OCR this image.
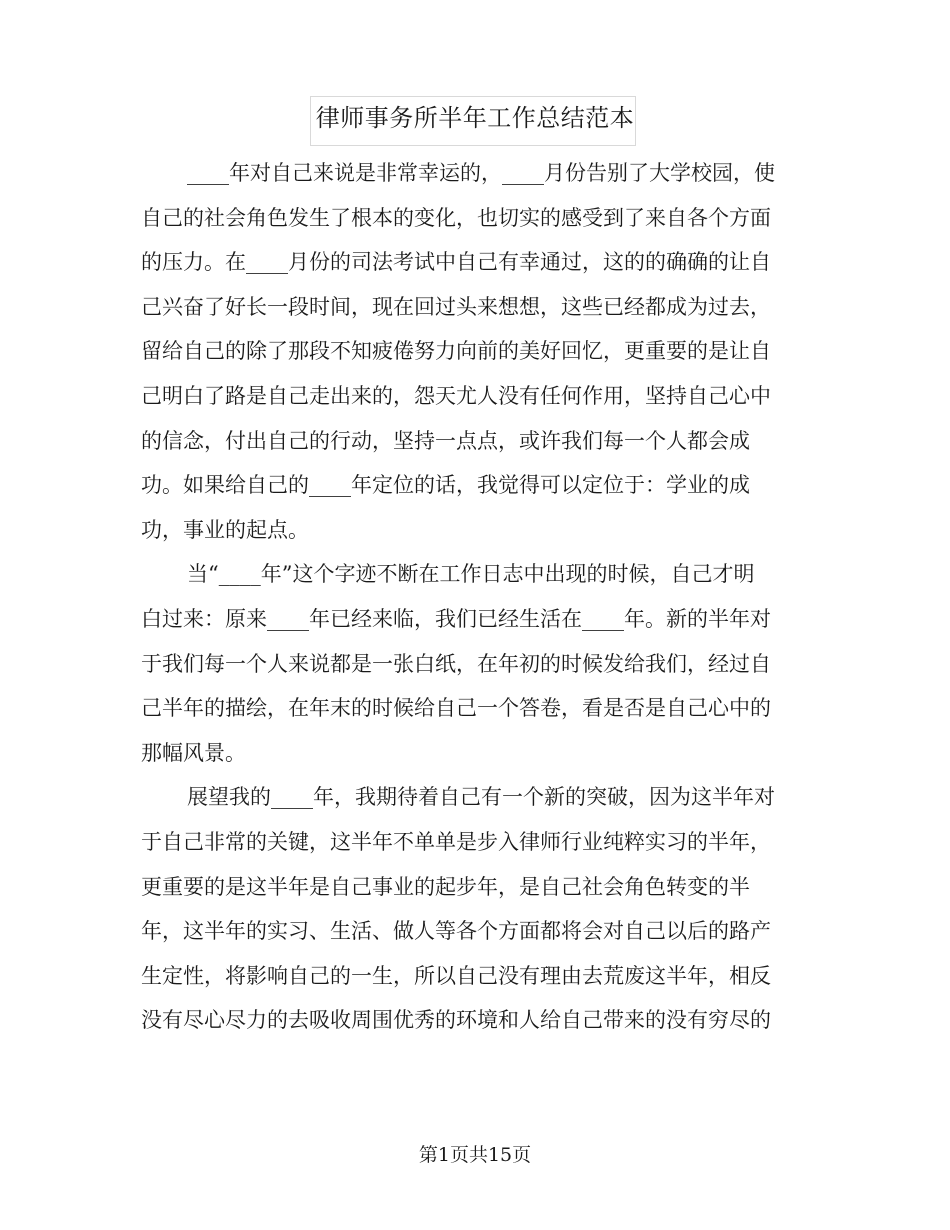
律师事务所半年工作总结范本
____年对自己来说是非常幸运的，____月份告别了大学校园，使
自己的社会角色发生了根本的变化，也切实的感受到了来自各个方面
的压力。在____月份的司法考试中自己有幸通过，这的的确确的让自
己兴奋了好长一段时间，现在回过头来想想，这些已经都成为过去，
留给自己的除了那段不知疲倦努力向前的美好回忆，更重要的是让自
己明白了路是自己走出来的，怨天尤人没有任何作用，坚持自己心中
的信念，付出自己的行动，坚持一点点，或许我们每一个人都会成
功。如果给自己的____年定位的话，我觉得可以定位于：学业的成
功，事业的起点。
当“____年”这个字迹不断在工作日志中出现的时候，自己才明
白过来：原来____年已经来临，我们已经生活在____年。新的半年对
于我们每一个人来说都是一张白纸，在年初的时候发给我们，经过自
己半年的描绘，在年末的时候给自己一个答卷，看是否是自己心中的
那幅风景。
展望我的____年，我期待着自己有一个新的突破，因为这半年对
于自己非常的关键，这半年不单单是步入律师行业纯粹实习的半年，
更重要的是这半年是自己事业的起步年，是自己社会角色转变的半
年，这半年的实习、生活、做人等各个方面都将会对自己以后的路产
生定性，将影响自己的一生，所以自己没有理由去荒废这半年，相反
没有尽心尽力的去吸收周围优秀的环境和人给自己带来的没有穷尽的
第1页共15页
